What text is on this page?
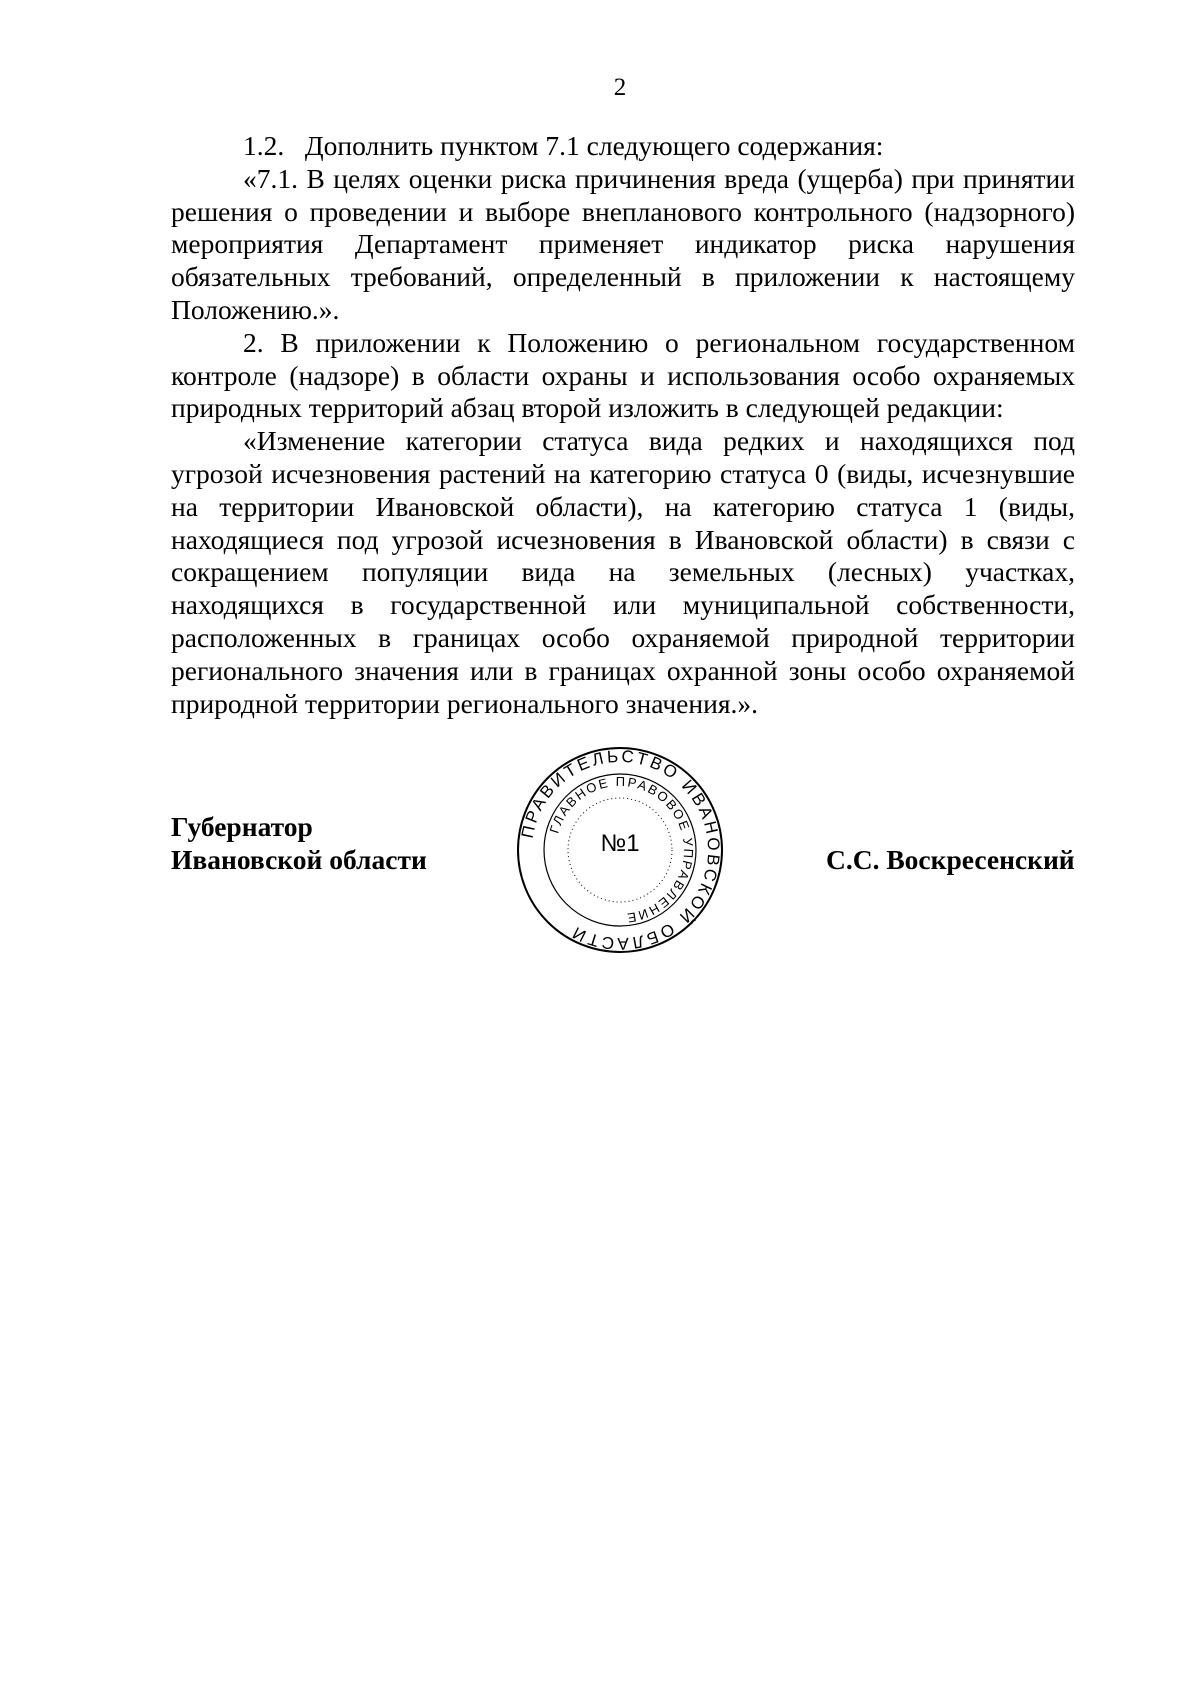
2

1.2.   Дополнить пунктом 7.1 следующего содержания:

«7.1. В целях оценки риска причинения вреда (ущерба) при принятии решения о проведении и выборе внепланового контрольного (надзорного) мероприятия Департамент применяет индикатор риска нарушения обязательных требований, определенный в приложении к настоящему Положению.».

2. В приложении к Положению о региональном государственном контроле (надзоре) в области охраны и использования особо охраняемых природных территорий абзац второй изложить в следующей редакции:

«Изменение категории статуса вида редких и находящихся под угрозой исчезновения растений на категорию статуса 0 (виды, исчезнувшие на территории Ивановской области), на категорию статуса 1 (виды, находящиеся под угрозой исчезновения в Ивановской области) в связи с сокращением популяции вида на земельных (лесных) участках, находящихся в государственной или муниципальной собственности, расположенных в границах особо охраняемой природной территории регионального значения или в границах охранной зоны особо охраняемой природной территории регионального значения.».

Губернатор
Ивановской области
ПРАВИТЕЛЬСТВО ИВАНОВСКОЙ ОБЛАСТИ
ГЛАВНОЕ ПРАВОВОЕ УПРАВЛЕНИЕ
№1
С.С. Воскресенский
